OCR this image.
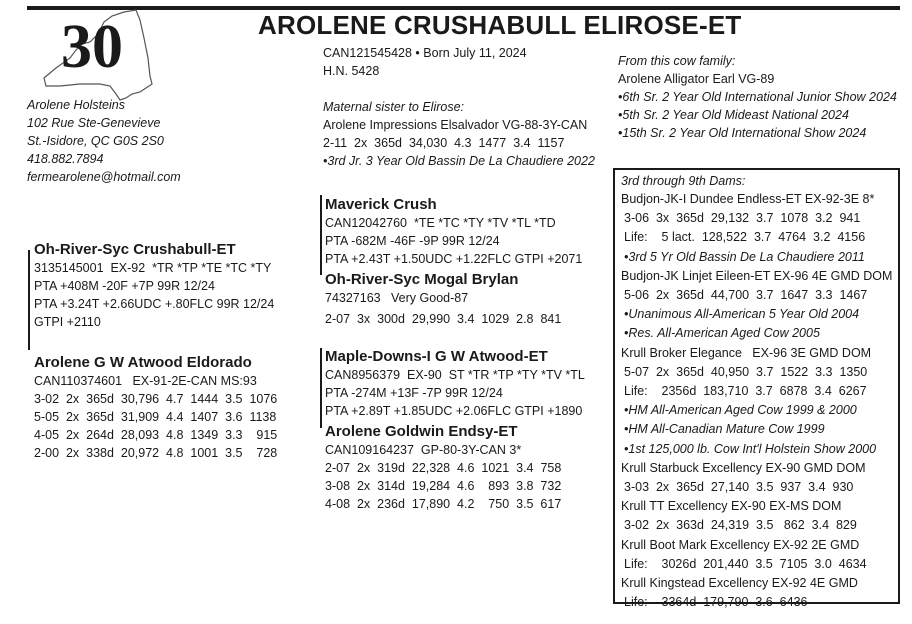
30	AROLENE CRUSHABULL ELIROSE-ET
CAN121545428 • Born July 11, 2024
H.N. 5428
Arolene Holsteins
102 Rue Ste-Genevieve
St.-Isidore, QC G0S 2S0
418.882.7894
fermearolene@hotmail.com
Maternal sister to Elirose:
Arolene Impressions Elsalvador VG-88-3Y-CAN
2-11  2x  365d  34,030  4.3  1477  3.4  1157
•3rd Jr. 3 Year Old Bassin De La Chaudiere 2022
From this cow family:
Arolene Alligator Earl VG-89
•6th Sr. 2 Year Old International Junior Show 2024
•5th Sr. 2 Year Old Mideast National 2024
•15th Sr. 2 Year Old International Show 2024
Oh-River-Syc Crushabull-ET
3135145001  EX-92  *TR *TP *TE *TC *TY
PTA +408M -20F +7P 99R 12/24
PTA +3.24T +2.66UDC +.80FLC 99R 12/24
GTPI +2110
Maverick Crush
CAN12042760  *TE *TC *TY *TV *TL *TD
PTA -682M -46F -9P 99R 12/24
PTA +2.43T +1.50UDC +1.22FLC GTPI +2071
Oh-River-Syc Mogal Brylan
74327163   Very Good-87
2-07  3x  300d  29,990  3.4  1029  2.8  841
Arolene G W Atwood Eldorado
CAN110374601   EX-91-2E-CAN MS:93
3-02  2x  365d  30,796  4.7  1444  3.5  1076
5-05  2x  365d  31,909  4.4  1407  3.6  1138
4-05  2x  264d  28,093  4.8  1349  3.3    915
2-00  2x  338d  20,972  4.8  1001  3.5    728
Maple-Downs-I G W Atwood-ET
CAN8956379  EX-90  ST *TR *TP *TY *TV *TL
PTA -274M +13F -7P 99R 12/24
PTA +2.89T +1.85UDC +2.06FLC GTPI +1890
Arolene Goldwin Endsy-ET
CAN109164237  GP-80-3Y-CAN 3*
2-07  2x  319d  22,328  4.6  1021  3.4  758
3-08  2x  314d  19,284  4.6    893  3.8  732
4-08  2x  236d  17,890  4.2    750  3.5  617
3rd through 9th Dams:
Budjon-JK-I Dundee Endless-ET EX-92-3E 8*
3-06  3x  365d  29,132  3.7  1078  3.2  941
Life:    5 lact.  128,522  3.7  4764  3.2  4156
•3rd 5 Yr Old Bassin De La Chaudiere 2011
Budjon-JK Linjet Eileen-ET EX-96 4E GMD DOM
5-06  2x  365d  44,700  3.7  1647  3.3  1467
•Unanimous All-American 5 Year Old 2004
•Res. All-American Aged Cow 2005
Krull Broker Elegance   EX-96 3E GMD DOM
5-07  2x  365d  40,950  3.7  1522  3.3  1350
Life:    2356d  183,710  3.7  6878  3.4  6267
•HM All-American Aged Cow 1999 & 2000
•HM All-Canadian Mature Cow 1999
•1st 125,000 lb. Cow Int'l Holstein Show 2000
Krull Starbuck Excellency EX-90 GMD DOM
3-03  2x  365d  27,140  3.5  937  3.4  930
Krull TT Excellency EX-90 EX-MS DOM
3-02  2x  363d  24,319  3.5   862  3.4  829
Krull Boot Mark Excellency EX-92 2E GMD
Life:    3026d  201,440  3.5  7105  3.0  4634
Krull Kingstead Excellency EX-92 4E GMD
Life:    3364d  179,790  3.6  6436
